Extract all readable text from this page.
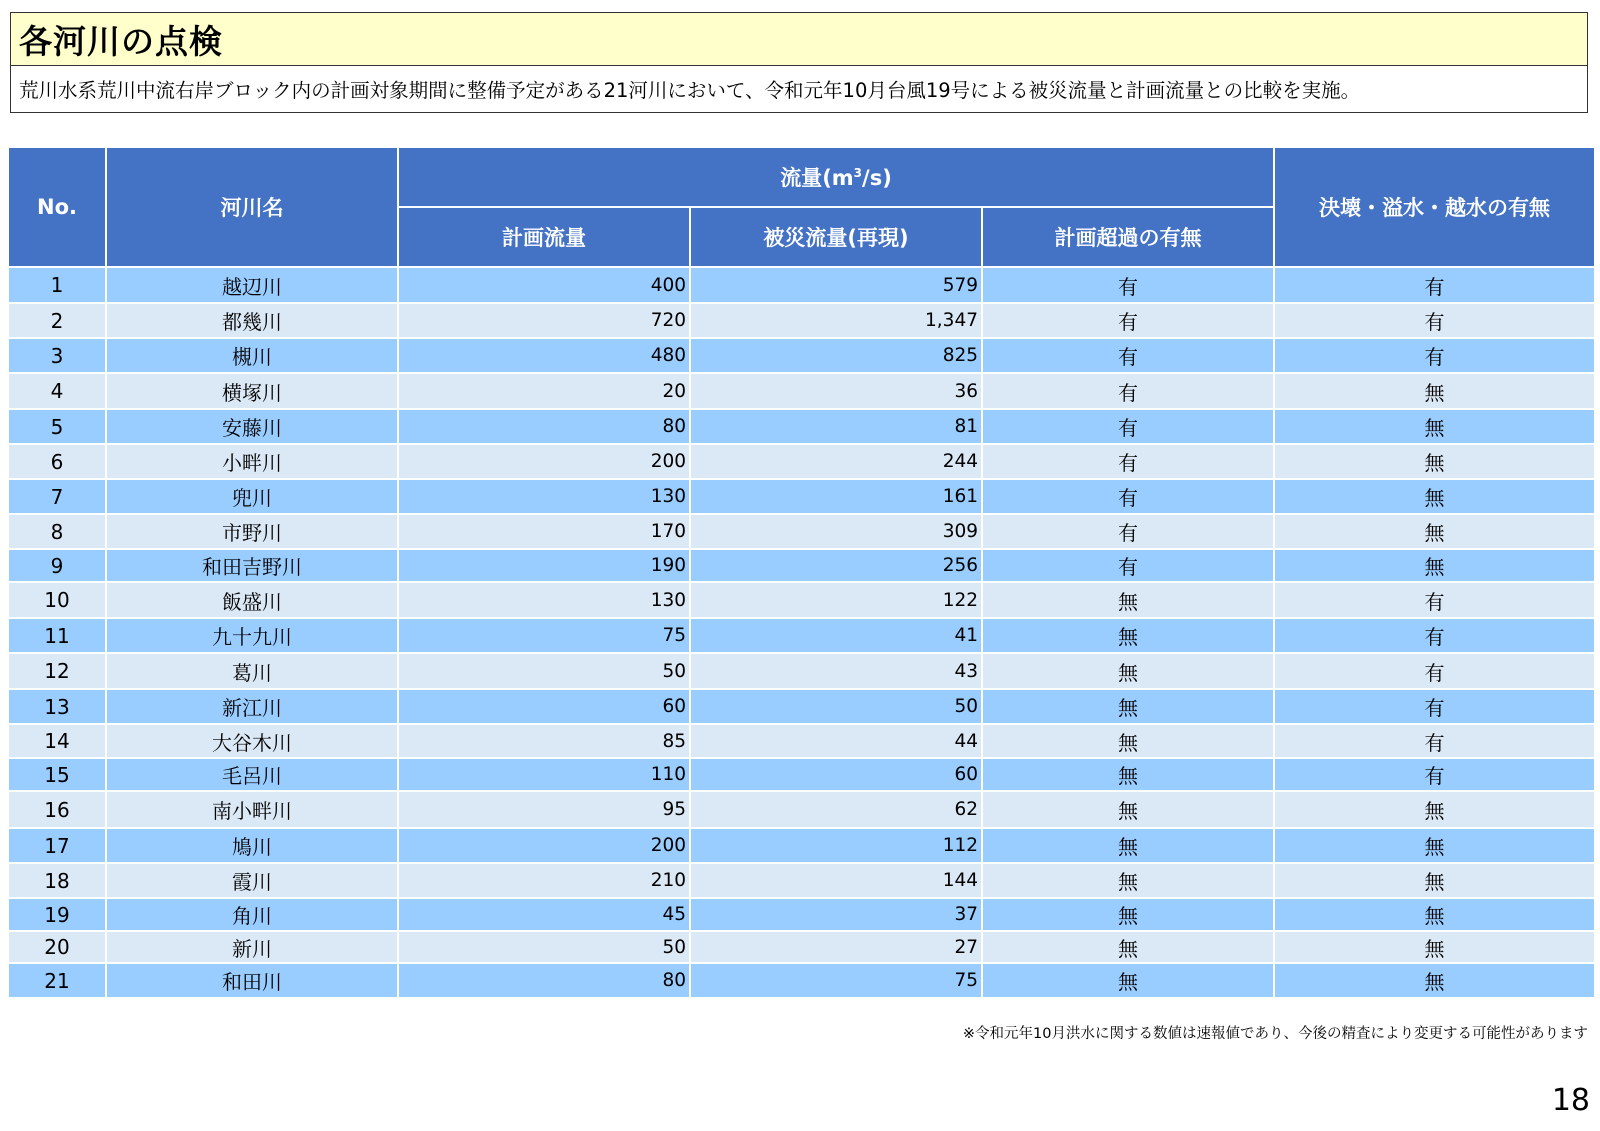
各河川の点検
荒川水系荒川中流右岸ブロック内の計画対象期間に整備予定がある21河川において、令和元年10月台風19号による被災流量と計画流量との比較を実施。
No.	河川名	流量$(m^3/s)$			決壊・溢水・越水の有無
		計画流量	被災流量(再現)	計画超過の有無	
1	越辺川	400	579	有	有
2	都幾川	720	1,347	有	有
3	槻川	480	825	有	有
4	横塚川	20	36	有	無
5	安藤川	80	81	有	無
6	小畔川	200	244	有	無
7	兜川	130	161	有	無
8	市野川	170	309	有	無
9	和田吉野川	190	256	有	無
10	飯盛川	130	122	無	有
11	九十九川	75	41	無	有
12	葛川	50	43	無	有
13	新江川	60	50	無	有
14	大谷木川	85	44	無	有
15	毛呂川	110	60	無	有
16	南小畔川	95	62	無	無
17	鳩川	200	112	無	無
18	霞川	210	144	無	無
19	角川	45	37	無	無
20	新川	50	27	無	無
21	和田川	80	75	無	無
※令和元年10月洪水に関する数値は速報値であり、今後の精査により変更する可能性があります
18
